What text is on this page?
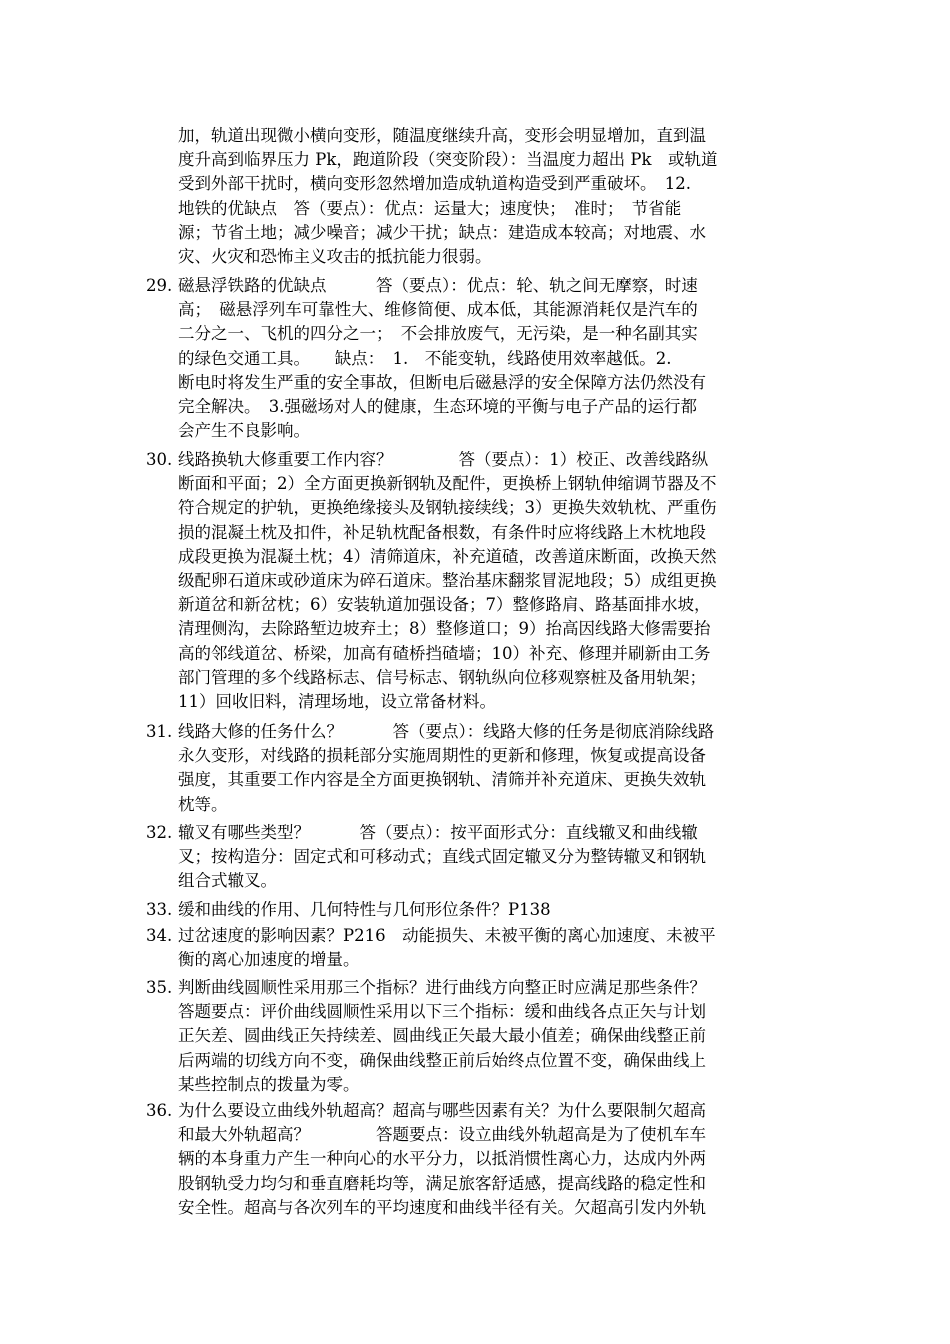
加，轨道出现微小横向变形，随温度继续升高，变形会明显增加，直到温
度升高到临界压力 Pk，跑道阶段（突变阶段）：当温度力超出 Pk　或轨道
受到外部干扰时，横向变形忽然增加造成轨道构造受到严重破坏。　12.
地铁的优缺点　答（要点）：优点：运量大；速度快；　准时；　节省能
源；节省土地；减少噪音；减少干扰；缺点：建造成本较高；对地震、水
灾、火灾和恐怖主义攻击的抵抗能力很弱。
29. 磁悬浮铁路的优缺点　　　答（要点）：优点：轮、轨之间无摩察，时速
高；　磁悬浮列车可靠性大、维修简便、成本低，其能源消耗仅是汽车的
二分之一、飞机的四分之一；　不会排放废气，无污染，是一种名副其实
的绿色交通工具。　　缺点：　1.　不能变轨，线路使用效率越低。2.
断电时将发生严重的安全事故，但断电后磁悬浮的安全保障方法仍然没有
完全解决。　3.强磁场对人的健康，生态环境的平衡与电子产品的运行都
会产生不良影响。
30. 线路换轨大修重要工作内容？　　　　答（要点）：1）校正、改善线路纵
断面和平面；2）全方面更换新钢轨及配件，更换桥上钢轨伸缩调节器及不
符合规定的护轨，更换绝缘接头及钢轨接续线；3）更换失效轨枕、严重伤
损的混凝土枕及扣件，补足轨枕配备根数，有条件时应将线路上木枕地段
成段更换为混凝土枕；4）清筛道床，补充道碴，改善道床断面，改换天然
级配卵石道床或砂道床为碎石道床。整治基床翻浆冒泥地段；5）成组更换
新道岔和新岔枕；6）安装轨道加强设备；7）整修路肩、路基面排水坡，
清理侧沟，去除路堑边坡弃土；8）整修道口；9）抬高因线路大修需要抬
高的邻线道岔、桥梁，加高有碴桥挡碴墙；10）补充、修理并刷新由工务
部门管理的多个线路标志、信号标志、钢轨纵向位移观察桩及备用轨架；
11）回收旧料，清理场地，设立常备材料。
31. 线路大修的任务什么？　　　答（要点）：线路大修的任务是彻底消除线路
永久变形，对线路的损耗部分实施周期性的更新和修理，恢复或提高设备
强度，其重要工作内容是全方面更换钢轨、清筛并补充道床、更换失效轨
枕等。
32. 辙叉有哪些类型？　　　答（要点）：按平面形式分：直线辙叉和曲线辙
叉；按构造分：固定式和可移动式；直线式固定辙叉分为整铸辙叉和钢轨
组合式辙叉。
33. 缓和曲线的作用、几何特性与几何形位条件？P138
34. 过岔速度的影响因素？P216　动能损失、未被平衡的离心加速度、未被平
衡的离心加速度的增量。
35. 判断曲线圆顺性采用那三个指标？进行曲线方向整正时应满足那些条件？
答题要点：评价曲线圆顺性采用以下三个指标：缓和曲线各点正矢与计划
正矢差、圆曲线正矢持续差、圆曲线正矢最大最小值差；确保曲线整正前
后两端的切线方向不变，确保曲线整正前后始终点位置不变，确保曲线上
某些控制点的拨量为零。
36. 为什么要设立曲线外轨超高？超高与哪些因素有关？为什么要限制欠超高
和最大外轨超高？　　　　答题要点：设立曲线外轨超高是为了使机车车
辆的本身重力产生一种向心的水平分力，以抵消惯性离心力，达成内外两
股钢轨受力均匀和垂直磨耗均等，满足旅客舒适感，提高线路的稳定性和
安全性。超高与各次列车的平均速度和曲线半径有关。欠超高引发内外轨
